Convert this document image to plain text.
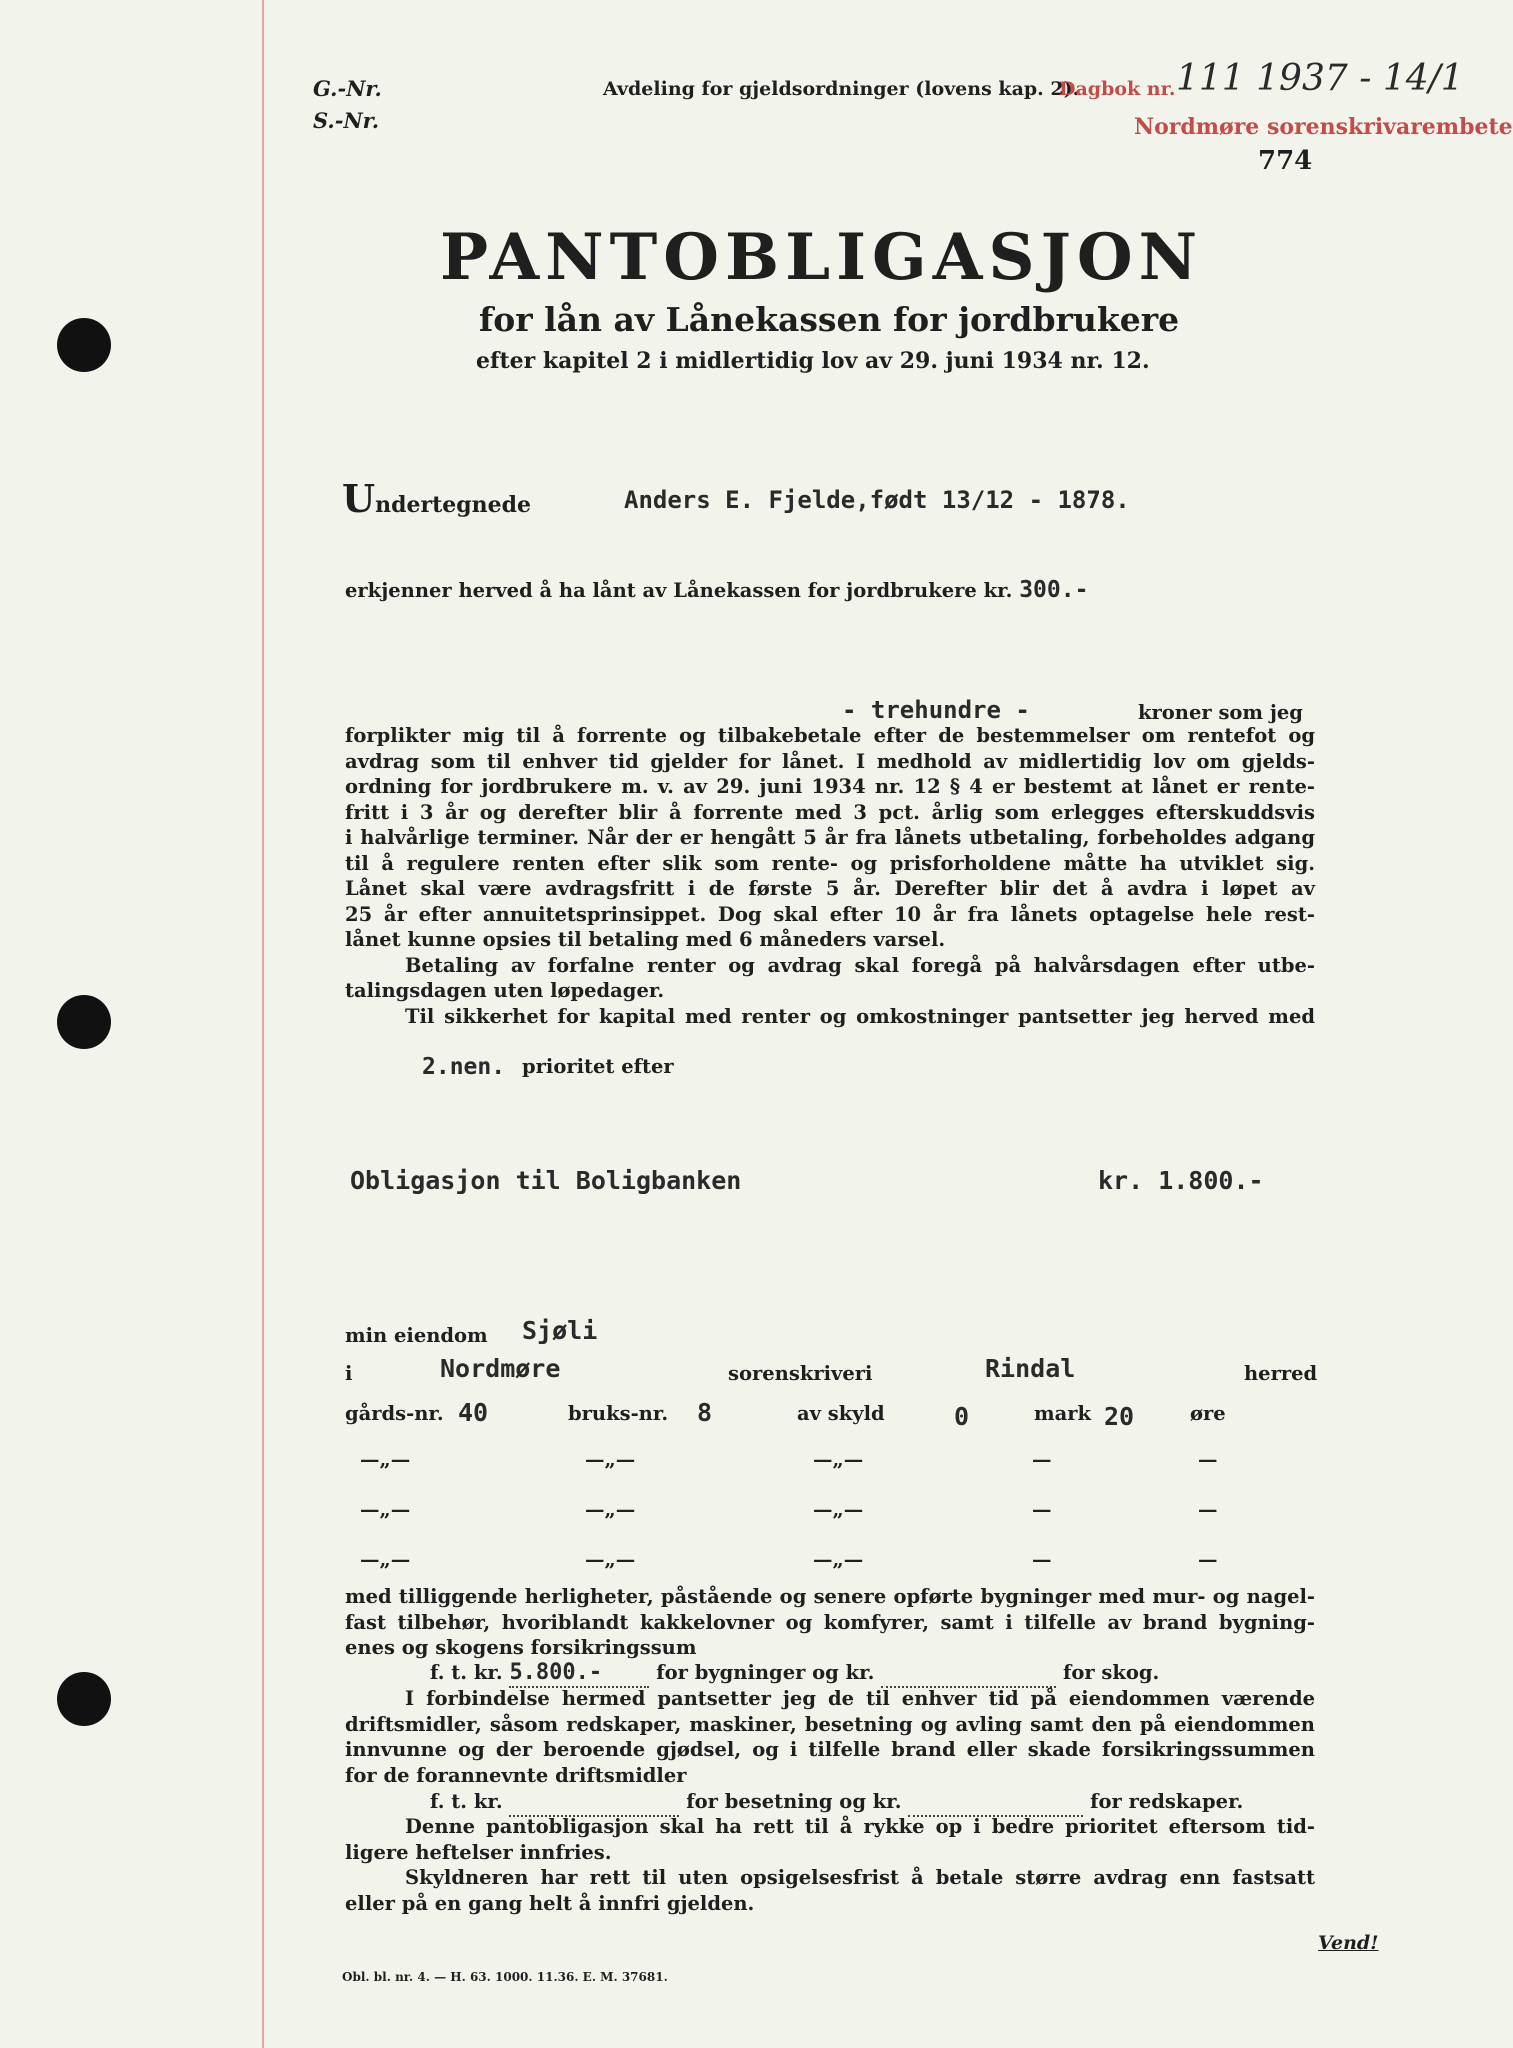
G.-Nr.
S.-Nr.
Avdeling for gjeldsordninger (lovens kap. 2).
Dagbok nr. 111 1937 - 14/1
Nordmøre sorenskrivarembete
774
PANTOBLIGASJON
for lån av Lånekassen for jordbrukere
efter kapitel 2 i midlertidig lov av 29. juni 1934 nr. 12.
Undertegnede	Anders E. Fjelde,født 13/12 - 1878.
erkjenner herved å ha lånt av Lånekassen for jordbrukere kr. 300.-
- trehundre -	kroner som jeg
forplikter mig til å forrente og tilbakebetale efter de bestemmelser om rentefot og
avdrag som til enhver tid gjelder for lånet. I medhold av midlertidig lov om gjelds-
ordning for jordbrukere m. v. av 29. juni 1934 nr. 12 § 4 er bestemt at lånet er rente-
fritt i 3 år og derefter blir å forrente med 3 pct. årlig som erlegges efterskuddsvis
i halvårlige terminer. Når der er hengått 5 år fra lånets utbetaling, forbeholdes adgang
til å regulere renten efter slik som rente- og prisforholdene måtte ha utviklet sig.
Lånet skal være avdragsfritt i de første 5 år. Derefter blir det å avdra i løpet av
25 år efter annuitetsprinsippet. Dog skal efter 10 år fra lånets optagelse hele rest-
lånet kunne opsies til betaling med 6 måneders varsel.
Betaling av forfalne renter og avdrag skal foregå på halvårsdagen efter utbe-
talingsdagen uten løpedager.
Til sikkerhet for kapital med renter og omkostninger pantsetter jeg herved med
2.nen. prioritet efter
Obligasjon til Boligbanken	kr. 1.800.-
min eiendom Sjøli
i	Nordmøre	sorenskriveri	Rindal	herred
gårds-nr. 40	bruks-nr. 8	av skyld	0	mark 20	øre
—„—	—„—	—„—	—	—
—„—	—„—	—„—	—	—
—„—	—„—	—„—	—	—
med tilliggende herligheter, påstående og senere opførte bygninger med mur- og nagel-
fast tilbehør, hvoriblandt kakkelovner og komfyrer, samt i tilfelle av brand bygning-
enes og skogens forsikringssum
f. t. kr. 5.800.-	for bygninger og kr.	for skog.
I forbindelse hermed pantsetter jeg de til enhver tid på eiendommen værende
driftsmidler, såsom redskaper, maskiner, besetning og avling samt den på eiendommen
innvunne og der beroende gjødsel, og i tilfelle brand eller skade forsikringssummen
for de forannevnte driftsmidler
f. t. kr.	for besetning og kr.	for redskaper.
Denne pantobligasjon skal ha rett til å rykke op i bedre prioritet eftersom tid-
ligere heftelser innfries.
Skyldneren har rett til uten opsigelsesfrist å betale større avdrag enn fastsatt
eller på en gang helt å innfri gjelden.
Vend!
Obl. bl. nr. 4. — H. 63. 1000. 11.36. E. M. 37681.
